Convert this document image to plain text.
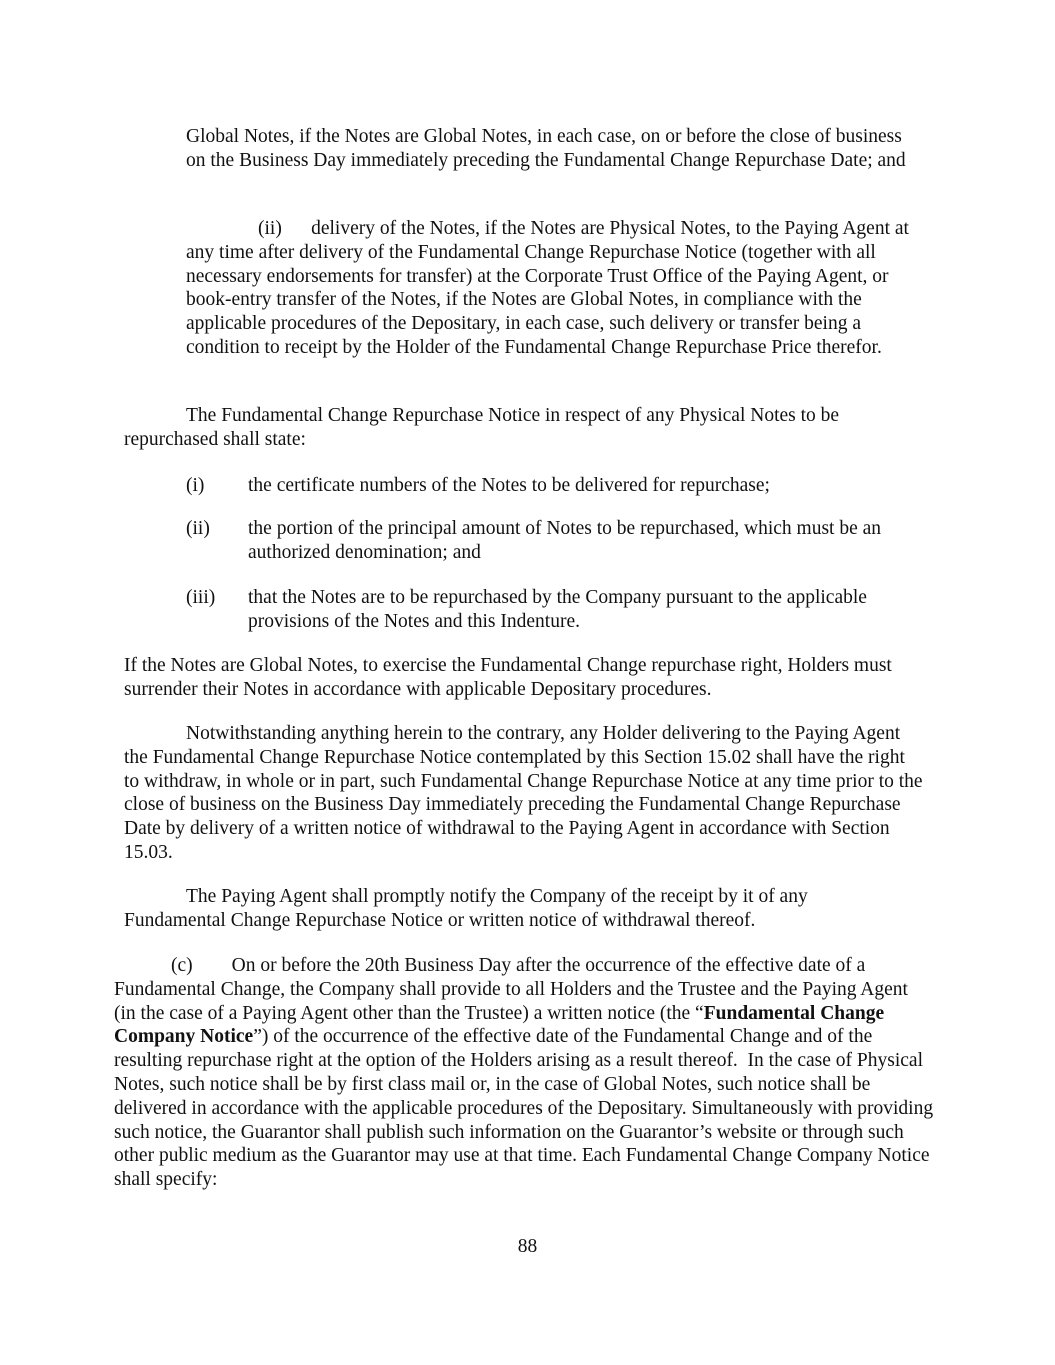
Global Notes, if the Notes are Global Notes, in each case, on or before the close of business on the Business Day immediately preceding the Fundamental Change Repurchase Date; and

(ii)      delivery of the Notes, if the Notes are Physical Notes, to the Paying Agent at any time after delivery of the Fundamental Change Repurchase Notice (together with all necessary endorsements for transfer) at the Corporate Trust Office of the Paying Agent, or book-entry transfer of the Notes, if the Notes are Global Notes, in compliance with the applicable procedures of the Depositary, in each case, such delivery or transfer being a condition to receipt by the Holder of the Fundamental Change Repurchase Price therefor.

The Fundamental Change Repurchase Notice in respect of any Physical Notes to be repurchased shall state:

(i) the certificate numbers of the Notes to be delivered for repurchase;

(ii) the portion of the principal amount of Notes to be repurchased, which must be an authorized denomination; and

(iii) that the Notes are to be repurchased by the Company pursuant to the applicable provisions of the Notes and this Indenture.

If the Notes are Global Notes, to exercise the Fundamental Change repurchase right, Holders must surrender their Notes in accordance with applicable Depositary procedures.

Notwithstanding anything herein to the contrary, any Holder delivering to the Paying Agent the Fundamental Change Repurchase Notice contemplated by this Section 15.02 shall have the right to withdraw, in whole or in part, such Fundamental Change Repurchase Notice at any time prior to the close of business on the Business Day immediately preceding the Fundamental Change Repurchase Date by delivery of a written notice of withdrawal to the Paying Agent in accordance with Section 15.03.

The Paying Agent shall promptly notify the Company of the receipt by it of any Fundamental Change Repurchase Notice or written notice of withdrawal thereof.

(c)        On or before the 20th Business Day after the occurrence of the effective date of a Fundamental Change, the Company shall provide to all Holders and the Trustee and the Paying Agent (in the case of a Paying Agent other than the Trustee) a written notice (the “Fundamental Change Company Notice”) of the occurrence of the effective date of the Fundamental Change and of the resulting repurchase right at the option of the Holders arising as a result thereof.  In the case of Physical Notes, such notice shall be by first class mail or, in the case of Global Notes, such notice shall be delivered in accordance with the applicable procedures of the Depositary. Simultaneously with providing such notice, the Guarantor shall publish such information on the Guarantor’s website or through such other public medium as the Guarantor may use at that time. Each Fundamental Change Company Notice shall specify:

88
